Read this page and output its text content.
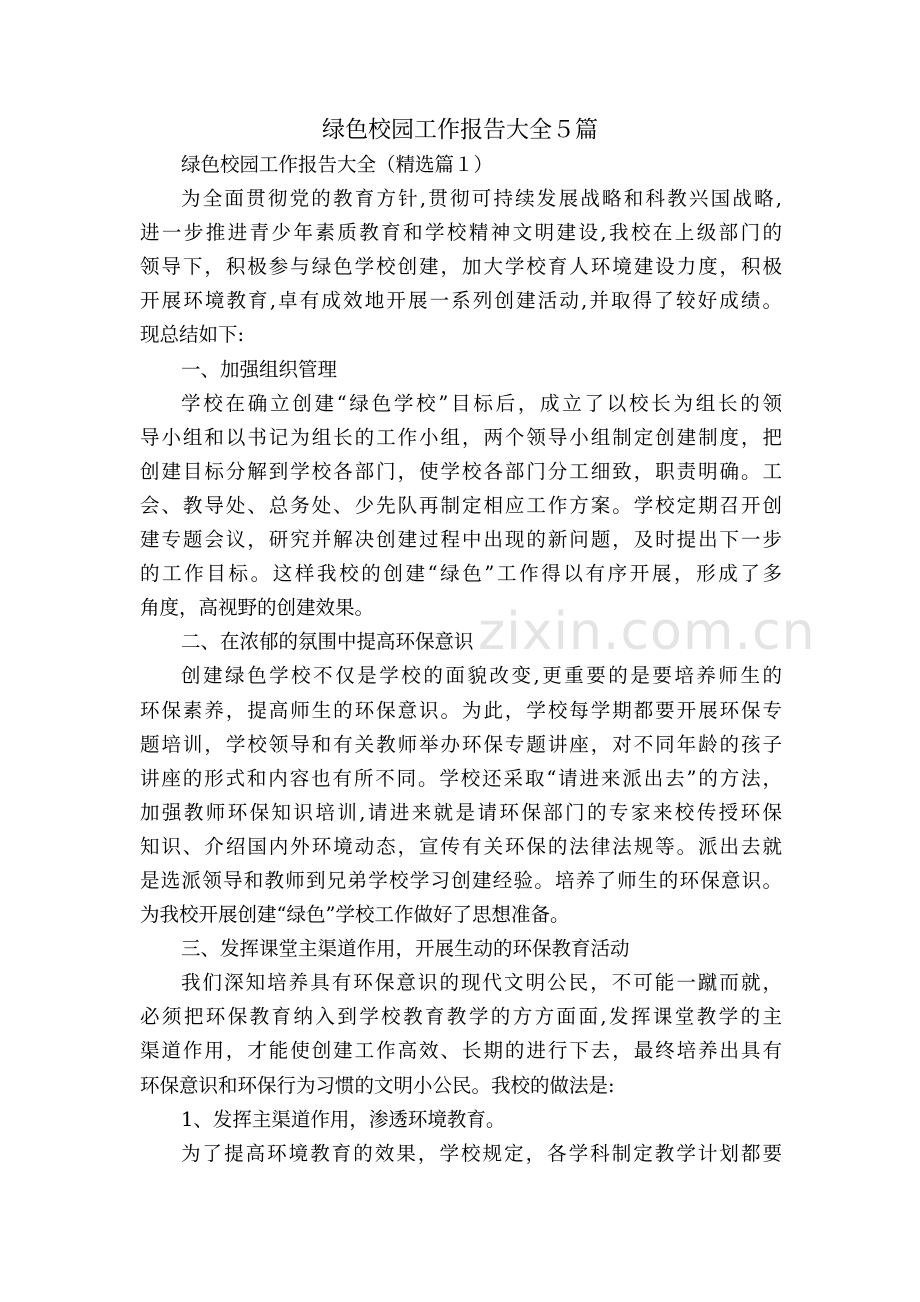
绿色校园工作报告大全５篇
绿色校园工作报告大全（精选篇１）
为全面贯彻党的教育方针,贯彻可持续发展战略和科教兴国战略,
进一步推进青少年素质教育和学校精神文明建设,我校在上级部门的
领导下，积极参与绿色学校创建，加大学校育人环境建设力度，积极
开展环境教育,卓有成效地开展一系列创建活动,并取得了较好成绩。
现总结如下:
一、加强组织管理
学校在确立创建“绿色学校”目标后，成立了以校长为组长的领
导小组和以书记为组长的工作小组，两个领导小组制定创建制度，把
创建目标分解到学校各部门，使学校各部门分工细致，职责明确。工
会、教导处、总务处、少先队再制定相应工作方案。学校定期召开创
建专题会议，研究并解决创建过程中出现的新问题，及时提出下一步
的工作目标。这样我校的创建“绿色”工作得以有序开展，形成了多
角度，高视野的创建效果。
二、在浓郁的氛围中提高环保意识
创建绿色学校不仅是学校的面貌改变,更重要的是要培养师生的
环保素养，提高师生的环保意识。为此，学校每学期都要开展环保专
题培训，学校领导和有关教师举办环保专题讲座，对不同年龄的孩子
讲座的形式和内容也有所不同。学校还采取“请进来派出去”的方法，
加强教师环保知识培训,请进来就是请环保部门的专家来校传授环保
知识、介绍国内外环境动态，宣传有关环保的法律法规等。派出去就
是选派领导和教师到兄弟学校学习创建经验。培养了师生的环保意识。
为我校开展创建“绿色”学校工作做好了思想准备。
三、发挥课堂主渠道作用，开展生动的环保教育活动
我们深知培养具有环保意识的现代文明公民，不可能一蹴而就，
必须把环保教育纳入到学校教育教学的方方面面,发挥课堂教学的主
渠道作用，才能使创建工作高效、长期的进行下去，最终培养出具有
环保意识和环保行为习惯的文明小公民。我校的做法是:
1、发挥主渠道作用，渗透环境教育。
为了提高环境教育的效果，学校规定，各学科制定教学计划都要
zixin.com.cn
